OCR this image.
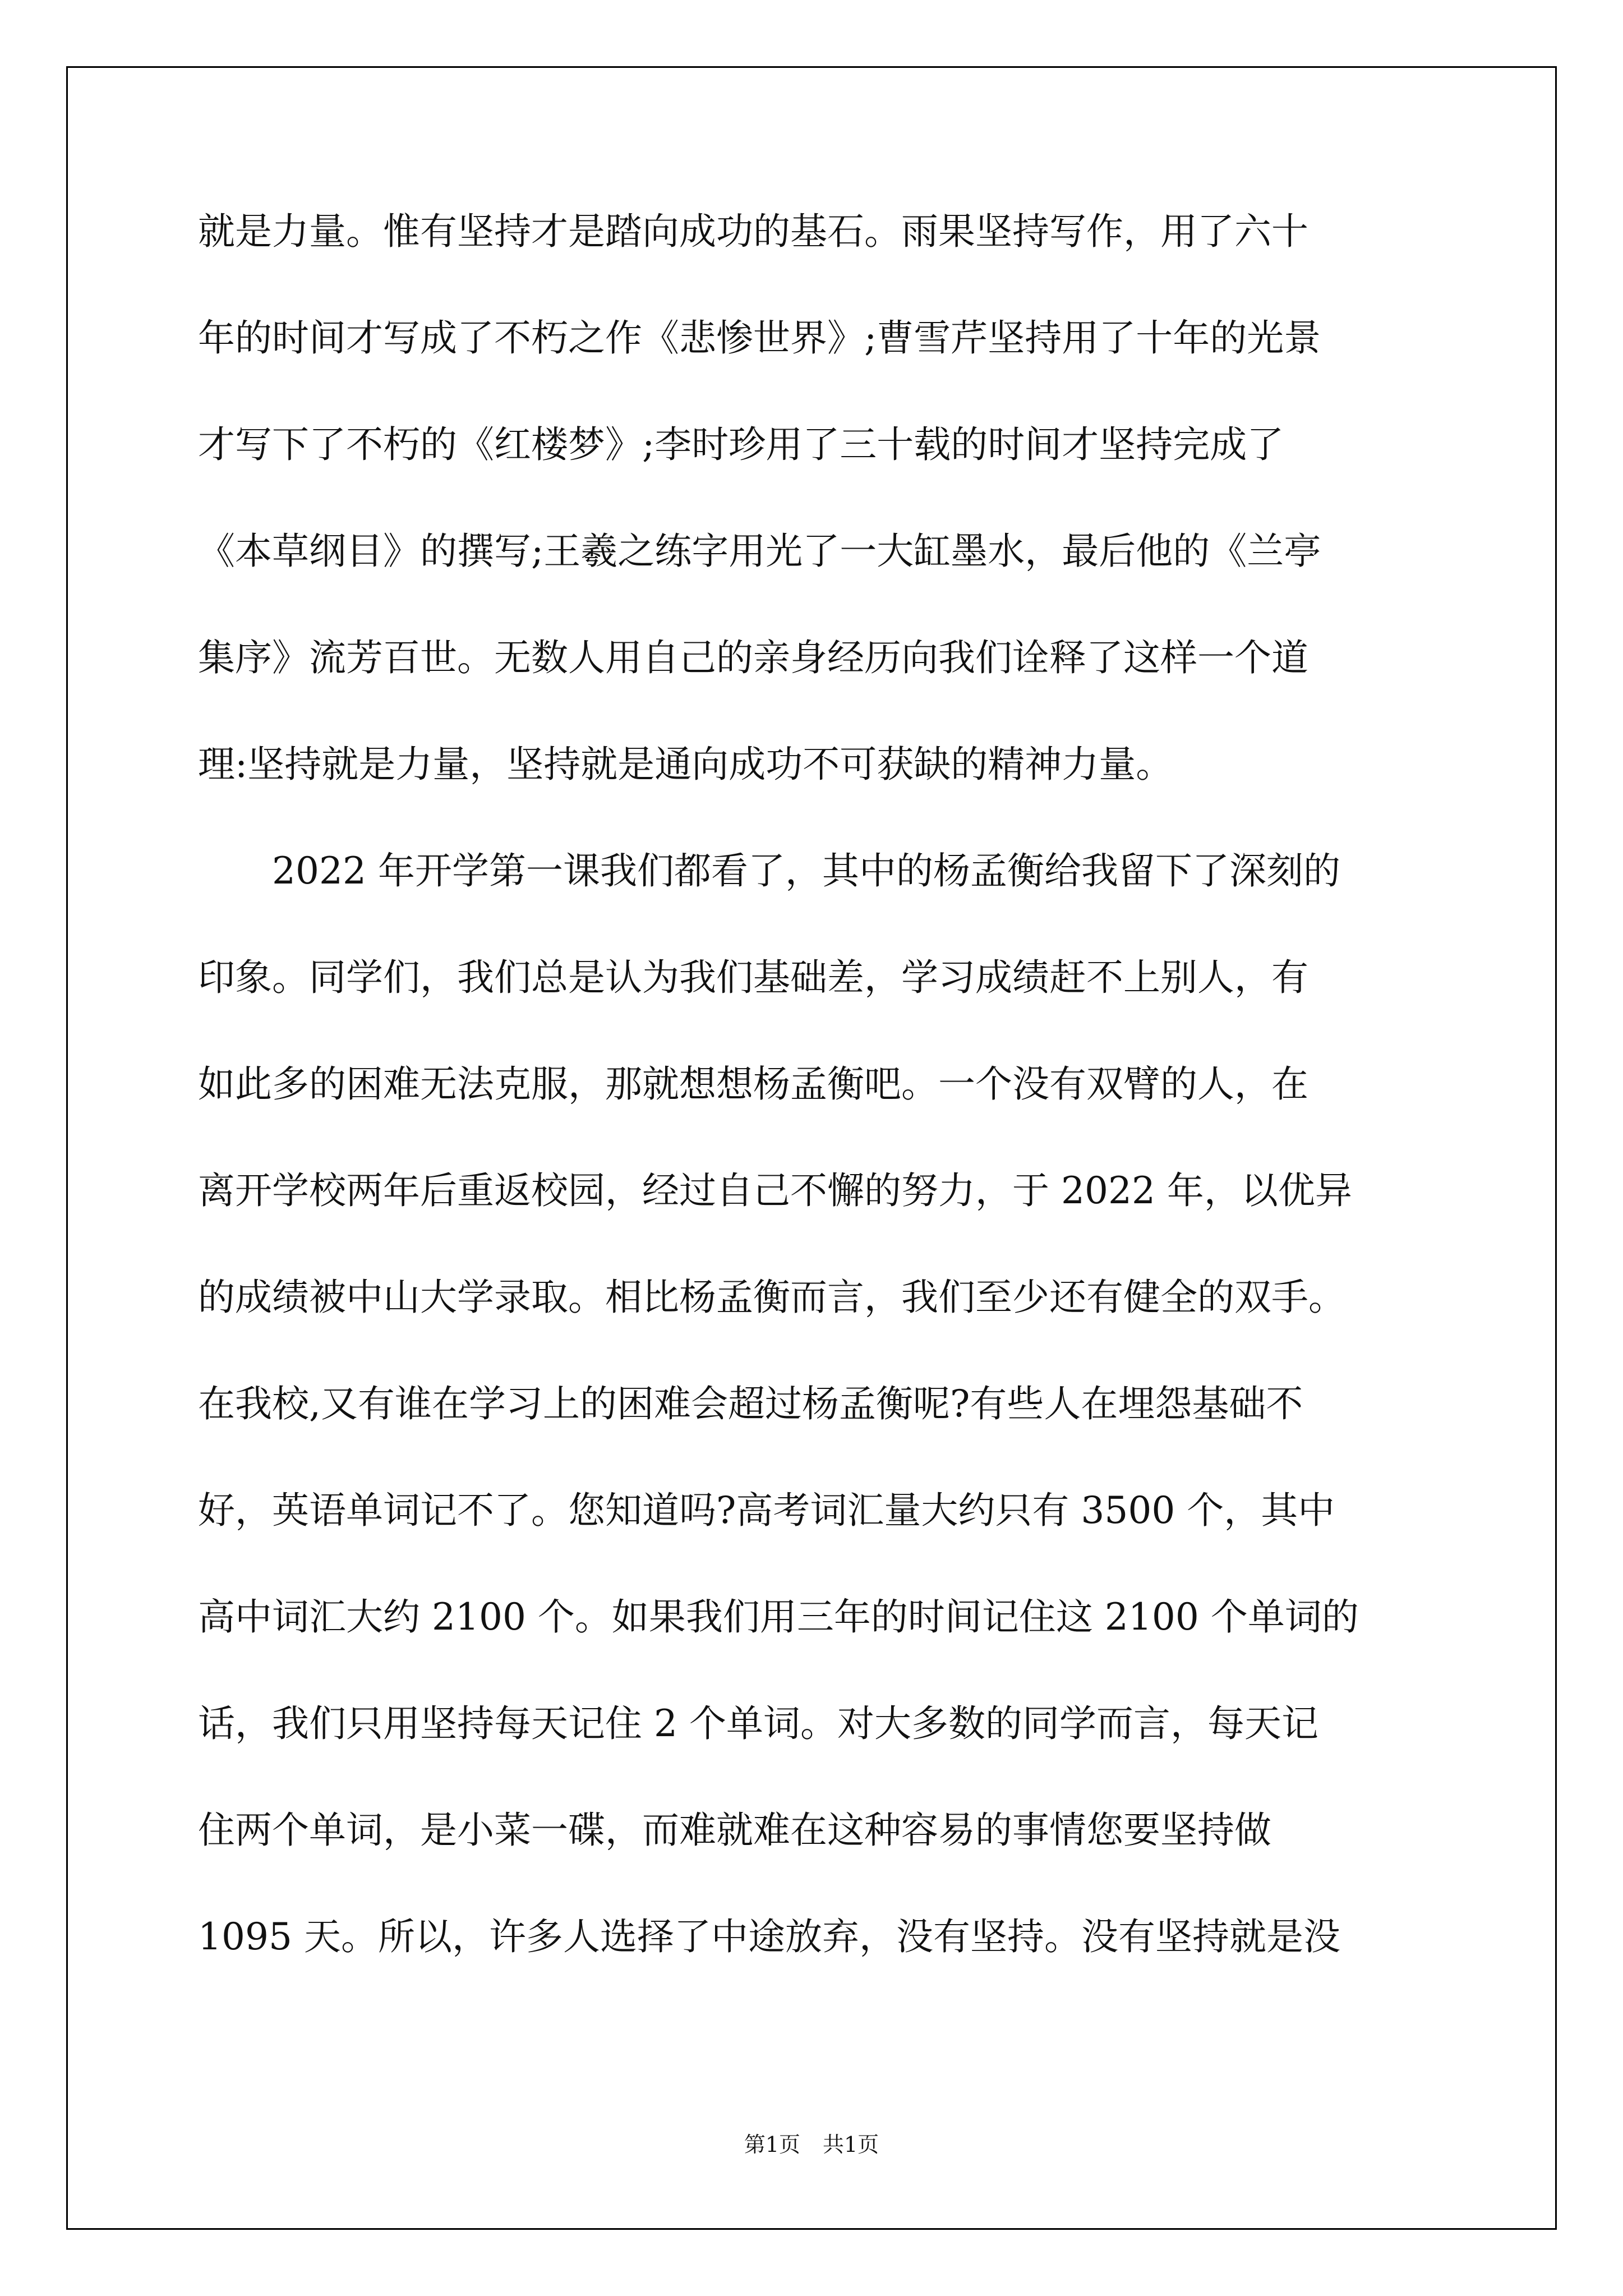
就是力量。惟有坚持才是踏向成功的基石。雨果坚持写作，用了六十
年的时间才写成了不朽之作《悲惨世界》;曹雪芹坚持用了十年的光景
才写下了不朽的《红楼梦》;李时珍用了三十载的时间才坚持完成了
《本草纲目》的撰写;王羲之练字用光了一大缸墨水，最后他的《兰亭
集序》流芳百世。无数人用自己的亲身经历向我们诠释了这样一个道
理:坚持就是力量，坚持就是通向成功不可获缺的精神力量。
　　2022 年开学第一课我们都看了，其中的杨孟衡给我留下了深刻的
印象。同学们，我们总是认为我们基础差，学习成绩赶不上别人，有
如此多的困难无法克服，那就想想杨孟衡吧。一个没有双臂的人，在
离开学校两年后重返校园，经过自己不懈的努力，于 2022 年，以优异
的成绩被中山大学录取。相比杨孟衡而言，我们至少还有健全的双手。
在我校,又有谁在学习上的困难会超过杨孟衡呢?有些人在埋怨基础不
好，英语单词记不了。您知道吗?高考词汇量大约只有 3500 个，其中
高中词汇大约 2100 个。如果我们用三年的时间记住这 2100 个单词的
话，我们只用坚持每天记住 2 个单词。对大多数的同学而言，每天记
住两个单词，是小菜一碟，而难就难在这种容易的事情您要坚持做
1095 天。所以，许多人选择了中途放弃，没有坚持。没有坚持就是没
第1页 共1页
